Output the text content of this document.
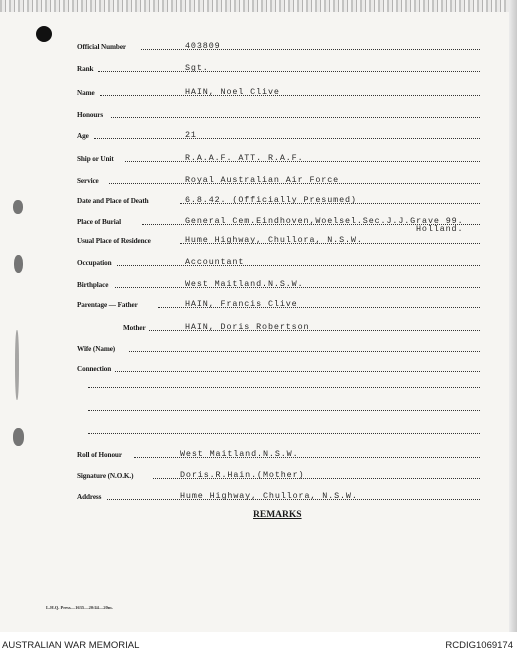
Official Number	403809
Rank	Sgt.
Name	HAIN, Noel Clive
Honours
Age	21
Ship or Unit	R.A.A.F. ATT. R.A.F.
Service	Royal Australian Air Force
Date and Place of Death	6.8.42. (Officially Presumed)
Place of Burial	General Cem.Eindhoven,Woelsel.Sec.J.J.Grave 99.
Holland.
Usual Place of Residence	Hume Highway, Chullora, N.S.W.
Occupation	Accountant
Birthplace	West Maitland.N.S.W.
Parentage — Father	HAIN, Francis Clive
Mother	HAIN, Doris Robertson
Wife (Name)
Connection
Roll of Honour	West Maitland.N.S.W.
Signature (N.O.K.)	Doris.R.Hain.(Mother)
Address	Hume Highway, Chullora, N.S.W.
REMARKS
L.H.Q. Press—1635—20/44—20m.
AUSTRALIAN WAR MEMORIAL	RCDIG1069174
